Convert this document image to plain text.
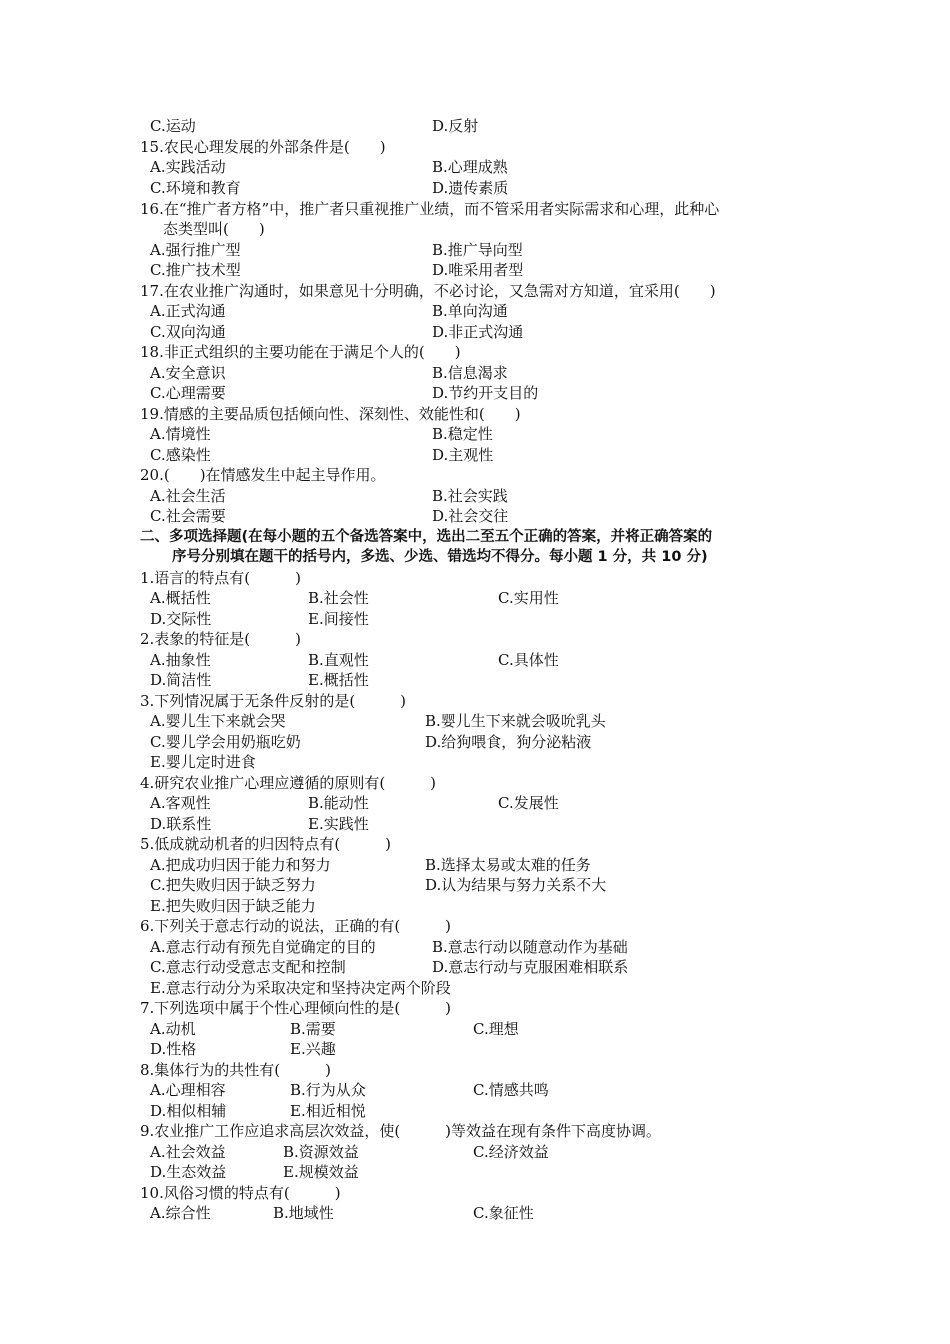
C.运动	D.反射
15.农民心理发展的外部条件是(　　)
A.实践活动	B.心理成熟
C.环境和教育	D.遗传素质
16.在“推广者方格”中，推广者只重视推广业绩，而不管采用者实际需求和心理，此种心
态类型叫(　　)
A.强行推广型	B.推广导向型
C.推广技术型	D.唯采用者型
17.在农业推广沟通时，如果意见十分明确，不必讨论，又急需对方知道，宜采用(　　)
A.正式沟通	B.单向沟通
C.双向沟通	D.非正式沟通
18.非正式组织的主要功能在于满足个人的(　　)
A.安全意识	B.信息渴求
C.心理需要	D.节约开支目的
19.情感的主要品质包括倾向性、深刻性、效能性和(　　)
A.情境性	B.稳定性
C.感染性	D.主观性
20.(　　)在情感发生中起主导作用。
A.社会生活	B.社会实践
C.社会需要	D.社会交往
二、多项选择题(在每小题的五个备选答案中，选出二至五个正确的答案，并将正确答案的
序号分别填在题干的括号内，多选、少选、错选均不得分。每小题 1 分，共 10 分)
1.语言的特点有(　　　)
A.概括性	B.社会性	C.实用性
D.交际性	E.间接性
2.表象的特征是(　　　)
A.抽象性	B.直观性	C.具体性
D.简洁性	E.概括性
3.下列情况属于无条件反射的是(　　　)
A.婴儿生下来就会哭	B.婴儿生下来就会吸吮乳头
C.婴儿学会用奶瓶吃奶	D.给狗喂食，狗分泌粘液
E.婴儿定时进食
4.研究农业推广心理应遵循的原则有(　　　)
A.客观性	B.能动性	C.发展性
D.联系性	E.实践性
5.低成就动机者的归因特点有(　　　)
A.把成功归因于能力和努力	B.选择太易或太难的任务
C.把失败归因于缺乏努力	D.认为结果与努力关系不大
E.把失败归因于缺乏能力
6.下列关于意志行动的说法，正确的有(　　　)
A.意志行动有预先自觉确定的目的	B.意志行动以随意动作为基础
C.意志行动受意志支配和控制	D.意志行动与克服困难相联系
E.意志行动分为采取决定和坚持决定两个阶段
7.下列选项中属于个性心理倾向性的是(　　　)
A.动机	B.需要	C.理想
D.性格	E.兴趣
8.集体行为的共性有(　　　)
A.心理相容	B.行为从众	C.情感共鸣
D.相似相辅	E.相近相悦
9.农业推广工作应追求高层次效益，使(　　　)等效益在现有条件下高度协调。
A.社会效益	B.资源效益	C.经济效益
D.生态效益	E.规模效益
10.风俗习惯的特点有(　　　)
A.综合性	B.地域性	C.象征性
